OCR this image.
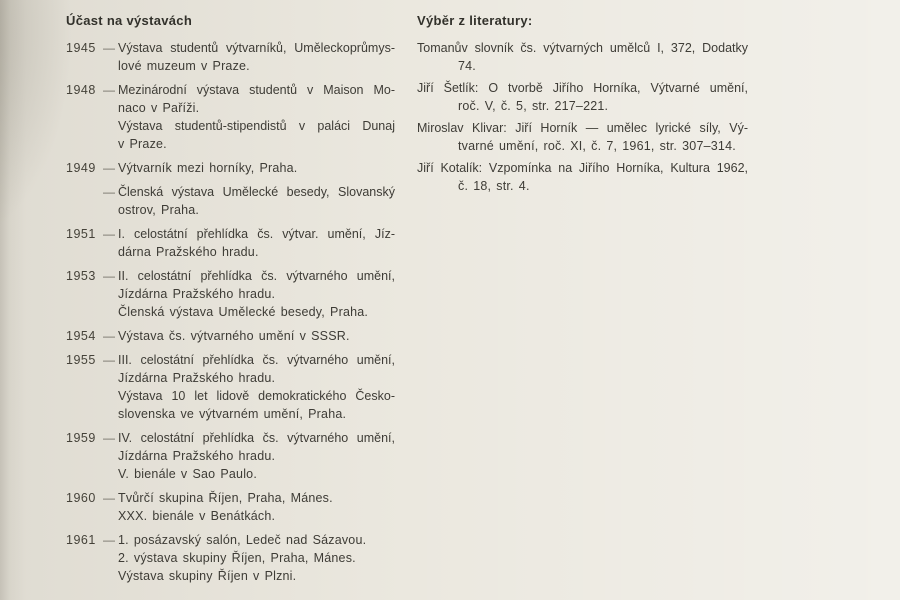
Účast na výstavách
1945 — Výstava studentů výtvarníků, Uměleckoprůmys-
lové muzeum v Praze.
1948 — Mezinárodní výstava studentů v Maison Mo-
naco v Paříži.
Výstava studentů-stipendistů v paláci Dunaj
v Praze.
1949 — Výtvarník mezi horníky, Praha.
— Členská výstava Umělecké besedy, Slovanský
ostrov, Praha.
1951 — I. celostátní přehlídka čs. výtvar. umění, Jíz-
dárna Pražského hradu.
1953 — II. celostátní přehlídka čs. výtvarného umění,
Jízdárna Pražského hradu.
Členská výstava Umělecké besedy, Praha.
1954 — Výstava čs. výtvarného umění v SSSR.
1955 — III. celostátní přehlídka čs. výtvarného umění,
Jízdárna Pražského hradu.
Výstava 10 let lidově demokratického Česko-
slovenska ve výtvarném umění, Praha.
1959 — IV. celostátní přehlídka čs. výtvarného umění,
Jízdárna Pražského hradu.
V. bienále v Sao Paulo.
1960 — Tvůrčí skupina Říjen, Praha, Mánes.
XXX. bienále v Benátkách.
1961 — 1. posázavský salón, Ledeč nad Sázavou.
2. výstava skupiny Říjen, Praha, Mánes.
Výstava skupiny Říjen v Plzni.
Výběr z literatury:
Tomanův slovník čs. výtvarných umělců I, 372, Dodatky
74.
Jiří Šetlík: O tvorbě Jiřího Horníka, Výtvarné umění,
roč. V, č. 5, str. 217–221.
Miroslav Klivar: Jiří Horník — umělec lyrické síly, Vý-
tvarné umění, roč. XI, č. 7, 1961, str. 307–314.
Jiří Kotalík: Vzpomínka na Jiřího Horníka, Kultura 1962,
č. 18, str. 4.
